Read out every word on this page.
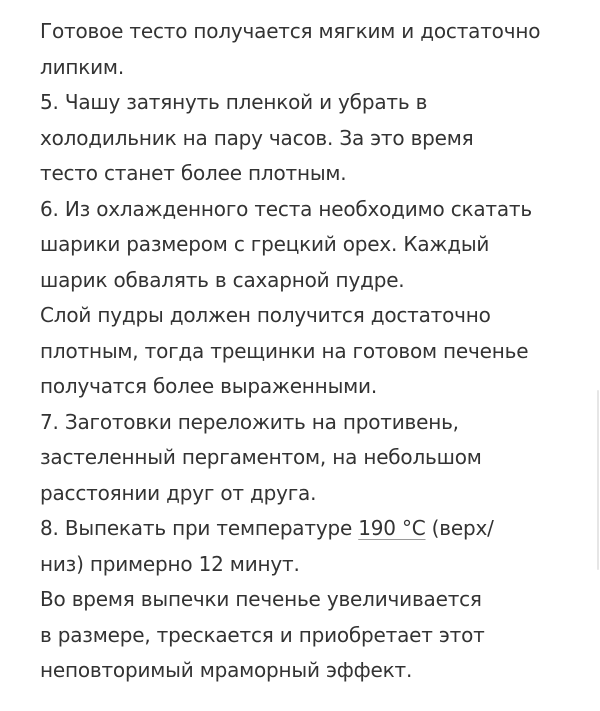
Готовое тесто получается мягким и достаточно
липким.
5. Чашу затянуть пленкой и убрать в
холодильник на пару часов. За это время
тесто станет более плотным.
6. Из охлажденного теста необходимо скатать
шарики размером с грецкий орех. Каждый
шарик обвалять в сахарной пудре.
Слой пудры должен получится достаточно
плотным, тогда трещинки на готовом печенье
получатся более выраженными.
7. Заготовки переложить на противень,
застеленный пергаментом, на небольшом
расстоянии друг от друга.
8. Выпекать при температуре 190 °C (верх/
низ) примерно 12 минут.
Во время выпечки печенье увеличивается
в размере, трескается и приобретает этот
неповторимый мраморный эффект.
